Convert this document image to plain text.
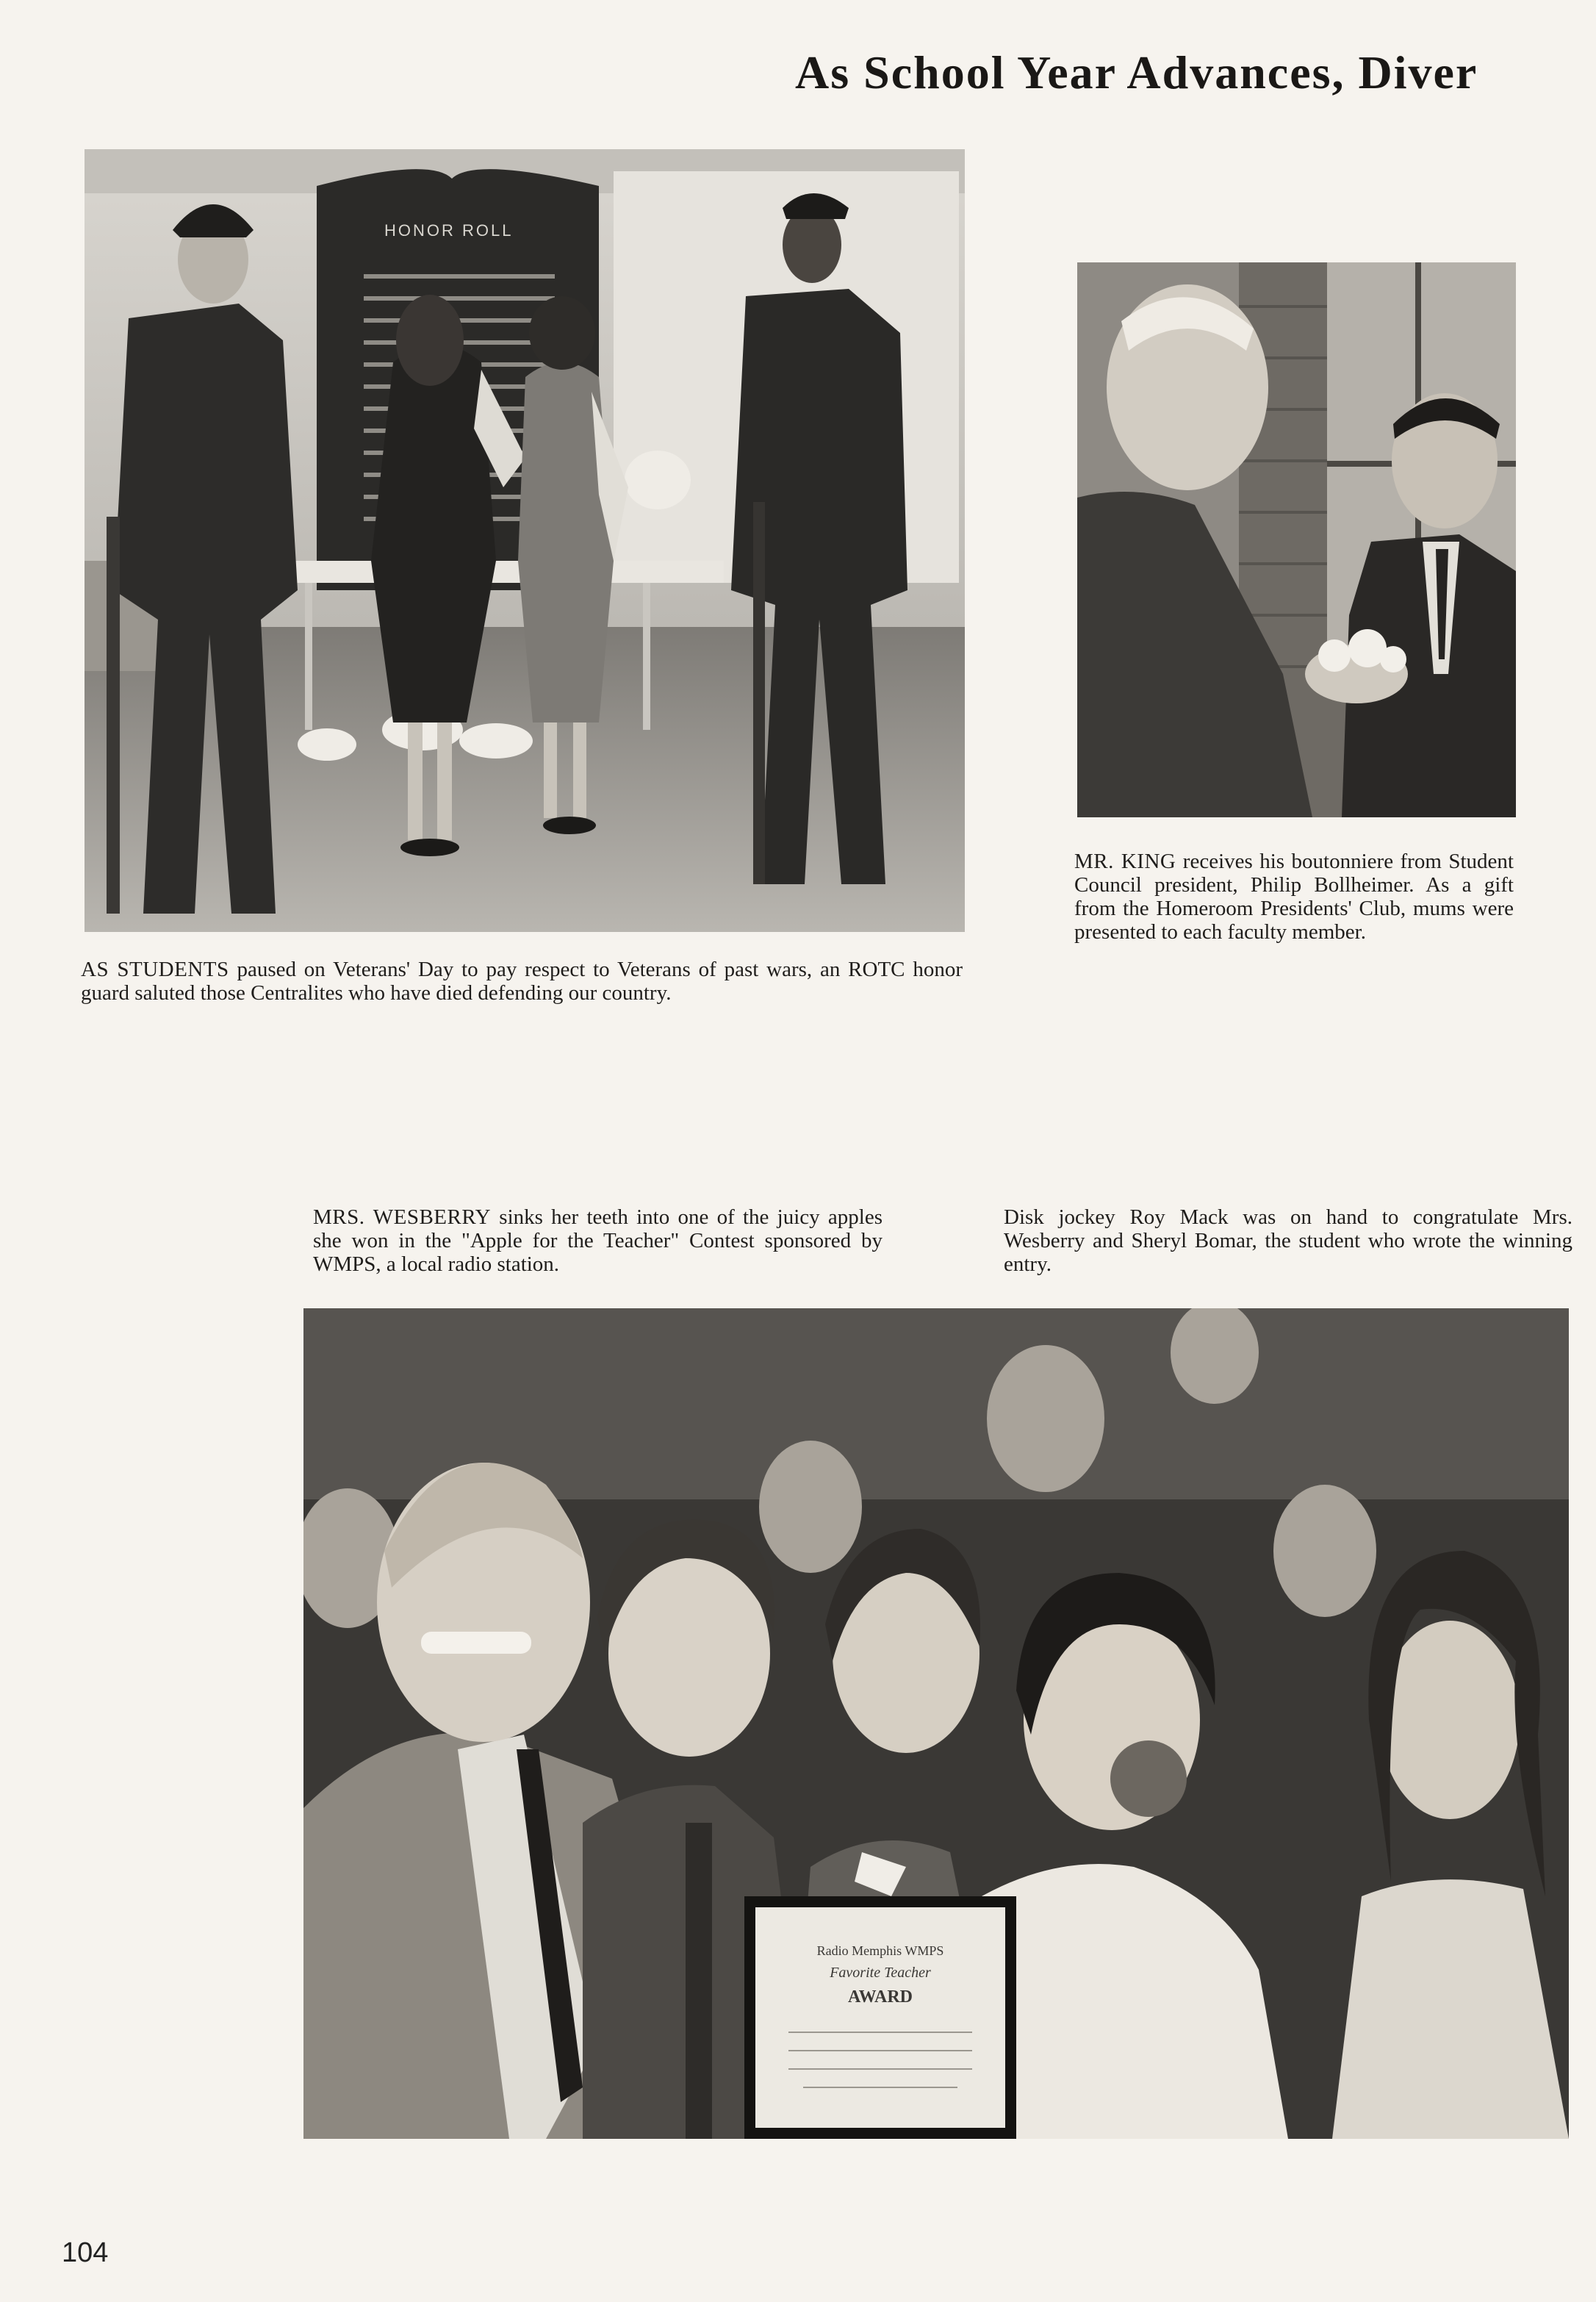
As School Year Advances, Diver
HONOR ROLL
AS STUDENTS paused on Veterans' Day to pay respect to Veterans of past wars, an ROTC honor guard saluted those Centralites who have died defending our country.
MR. KING receives his boutonniere from Student Council president, Philip Bollheimer. As a gift from the Homeroom Presidents' Club, mums were presented to each faculty member.
MRS. WESBERRY sinks her teeth into one of the juicy apples she won in the "Apple for the Teacher" Contest sponsored by WMPS, a local radio station.
Disk jockey Roy Mack was on hand to congratulate Mrs. Wesberry and Sheryl Bomar, the student who wrote the winning entry.
Radio Memphis WMPS
Favorite Teacher
AWARD
104
